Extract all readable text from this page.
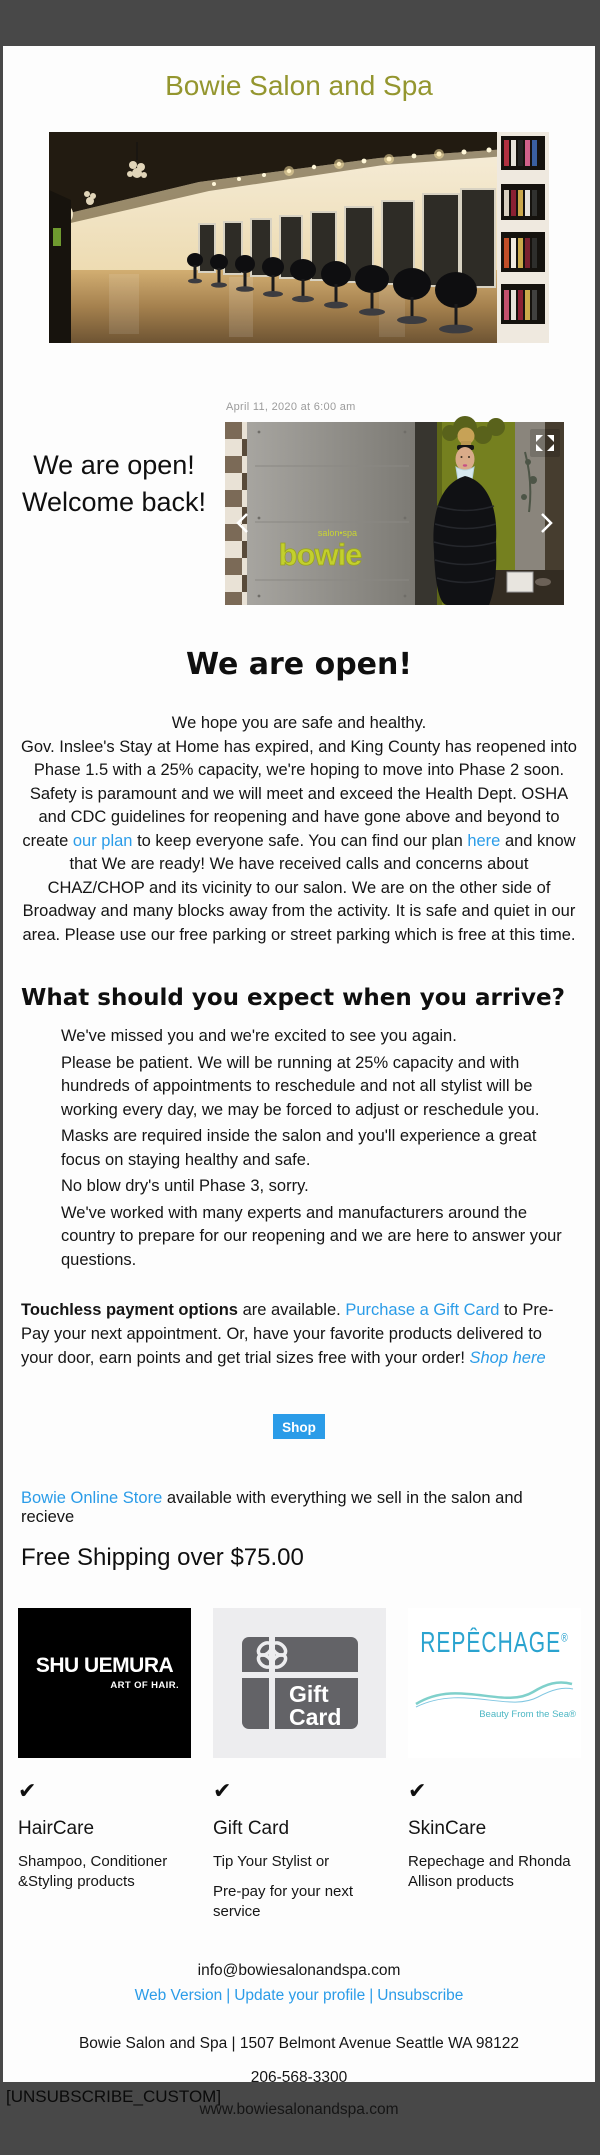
Bowie Salon and Spa
We are open!
Welcome back!

April 11, 2020 at 6:00 am

salon•spa
bowie
We are open!

We hope you are safe and healthy.
Gov. Inslee's Stay at Home has expired, and King County has reopened into Phase 1.5 with a 25% capacity, we're hoping to move into Phase 2 soon. Safety is paramount and we will meet and exceed the Health Dept. OSHA and CDC guidelines for reopening and have gone above and beyond to create our plan to keep everyone safe. You can find our plan here and know that We are ready! We have received calls and concerns about CHAZ/CHOP and its vicinity to our salon. We are on the other side of Broadway and many blocks away from the activity. It is safe and quiet in our area. Please use our free parking or street parking which is free at this time.

What should you expect when you arrive?
We've missed you and we're excited to see you again.
Please be patient. We will be running at 25% capacity and with hundreds of appointments to reschedule and not all stylist will be working every day, we may be forced to adjust or reschedule you.
Masks are required inside the salon and you'll experience a great focus on staying healthy and safe.
No blow dry's until Phase 3, sorry.
We've worked with many experts and manufacturers around the country to prepare for our reopening and we are here to answer your questions.

Touchless payment options are available. Purchase a Gift Card to Pre-Pay your next appointment. Or, have your favorite products delivered to your door, earn points and get trial sizes free with your order! Shop here

Shop

Bowie Online Store available with everything we sell in the salon and recieve

Free Shipping over $75.00
SHU UEMURA
ART OF HAIR.
✔
HairCare

Shampoo, Conditioner &Styling products

Gift
Card
✔
Gift Card

Tip Your Stylist or

Pre-pay for your next service

REPÊCHAGE®
Beauty From the Sea®
✔
SkinCare

Repechage and Rhonda Allison products

info@bowiesalonandspa.com
Web Version | Update your profile | Unsubscribe
Bowie Salon and Spa | 1507 Belmont Avenue Seattle WA 98122
206-568-3300
www.bowiesalonandspa.com
[UNSUBSCRIBE_CUSTOM]
